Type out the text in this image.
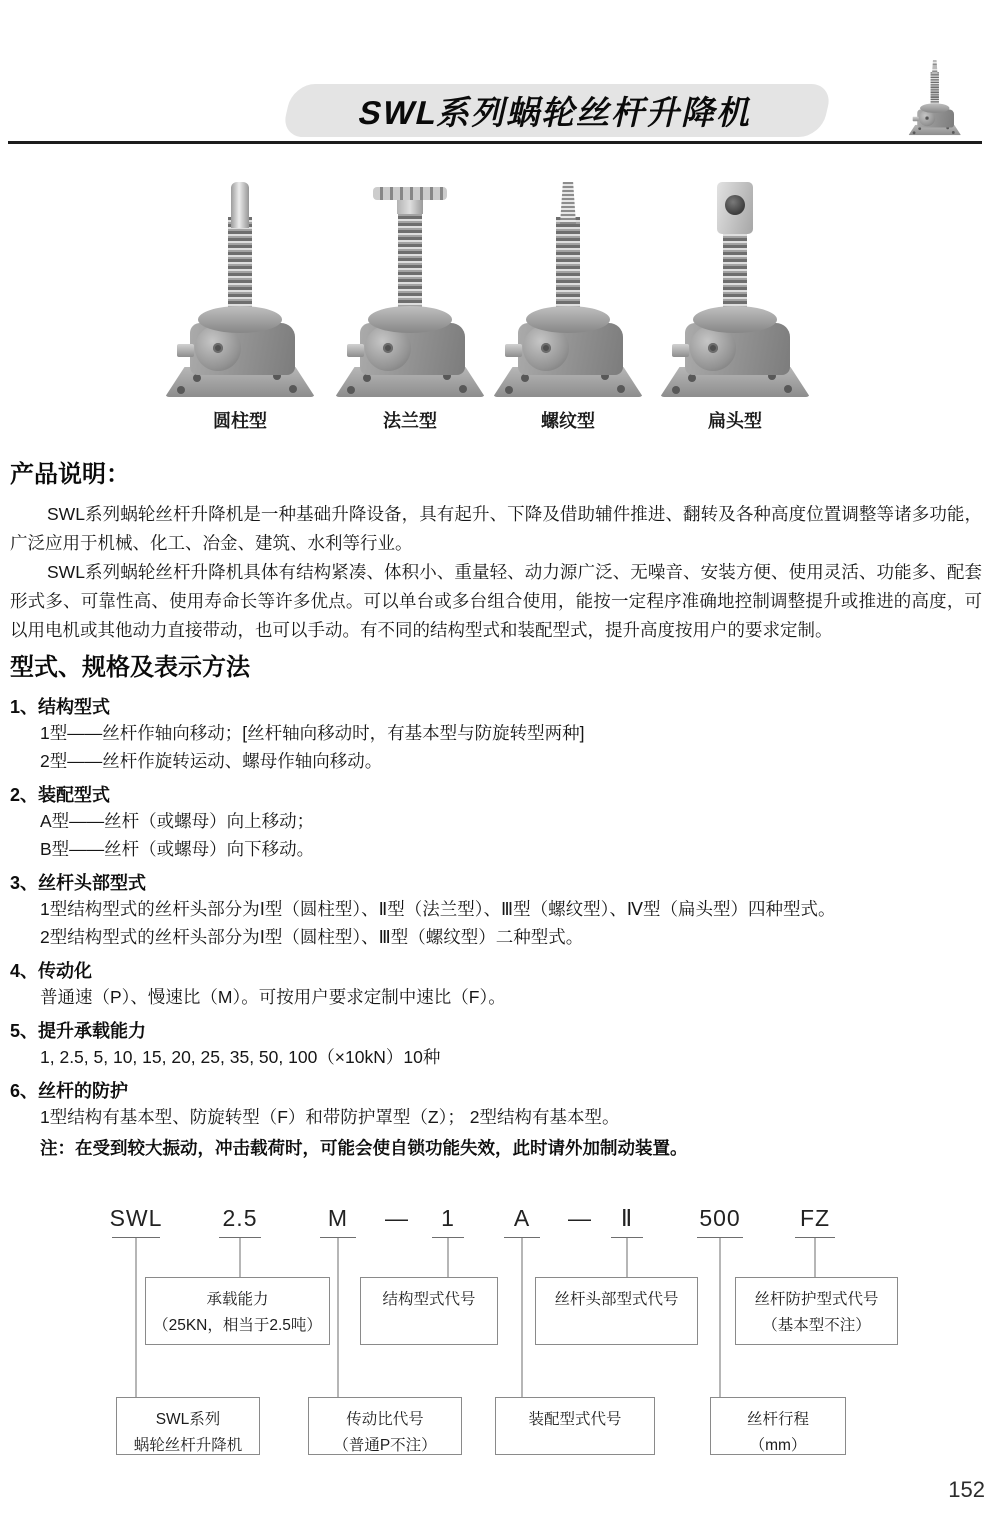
SWL系列蜗轮丝杆升降机
圆柱型	法兰型	螺纹型	扁头型
产品说明：

SWL系列蜗轮丝杆升降机是一种基础升降设备，具有起升、下降及借助辅件推进、翻转及各种高度位置调整等诸多功能，广泛应用于机械、化工、冶金、建筑、水利等行业。

SWL系列蜗轮丝杆升降机具体有结构紧凑、体积小、重量轻、动力源广泛、无噪音、安装方便、使用灵活、功能多、配套形式多、可靠性高、使用寿命长等许多优点。可以单台或多台组合使用，能按一定程序准确地控制调整提升或推进的高度，可以用电机或其他动力直接带动，也可以手动。有不同的结构型式和装配型式，提升高度按用户的要求定制。

型式、规格及表示方法
1、结构型式
1型——丝杆作轴向移动；[丝杆轴向移动时，有基本型与防旋转型两种]
2型——丝杆作旋转运动、螺母作轴向移动。
2、装配型式
A型——丝杆（或螺母）向上移动；
B型——丝杆（或螺母）向下移动。
3、丝杆头部型式
1型结构型式的丝杆头部分为Ⅰ型（圆柱型）、Ⅱ型（法兰型）、Ⅲ型（螺纹型）、Ⅳ型（扁头型）四种型式。
2型结构型式的丝杆头部分为Ⅰ型（圆柱型）、Ⅲ型（螺纹型）二种型式。
4、传动化
普通速（P）、慢速比（M）。可按用户要求定制中速比（F）。
5、提升承载能力
1, 2.5, 5, 10, 15, 20, 25, 35, 50, 100（×10kN）10种
6、丝杆的防护
1型结构有基本型、防旋转型（F）和带防护罩型（Z）； 2型结构有基本型。
注：在受到较大振动，冲击载荷时，可能会使自锁功能失效，此时请外加制动装置。
SWL	2.5	M — 1	A — Ⅱ	500	FZ
承载能力
（25KN，相当于2.5吨）
结构型式代号	丝杆头部型式代号	丝杆防护型式代号
（基本型不注）
SWL系列
蜗轮丝杆升降机
传动比代号
（普通P不注）
装配型式代号	丝杆行程
（mm）
152
